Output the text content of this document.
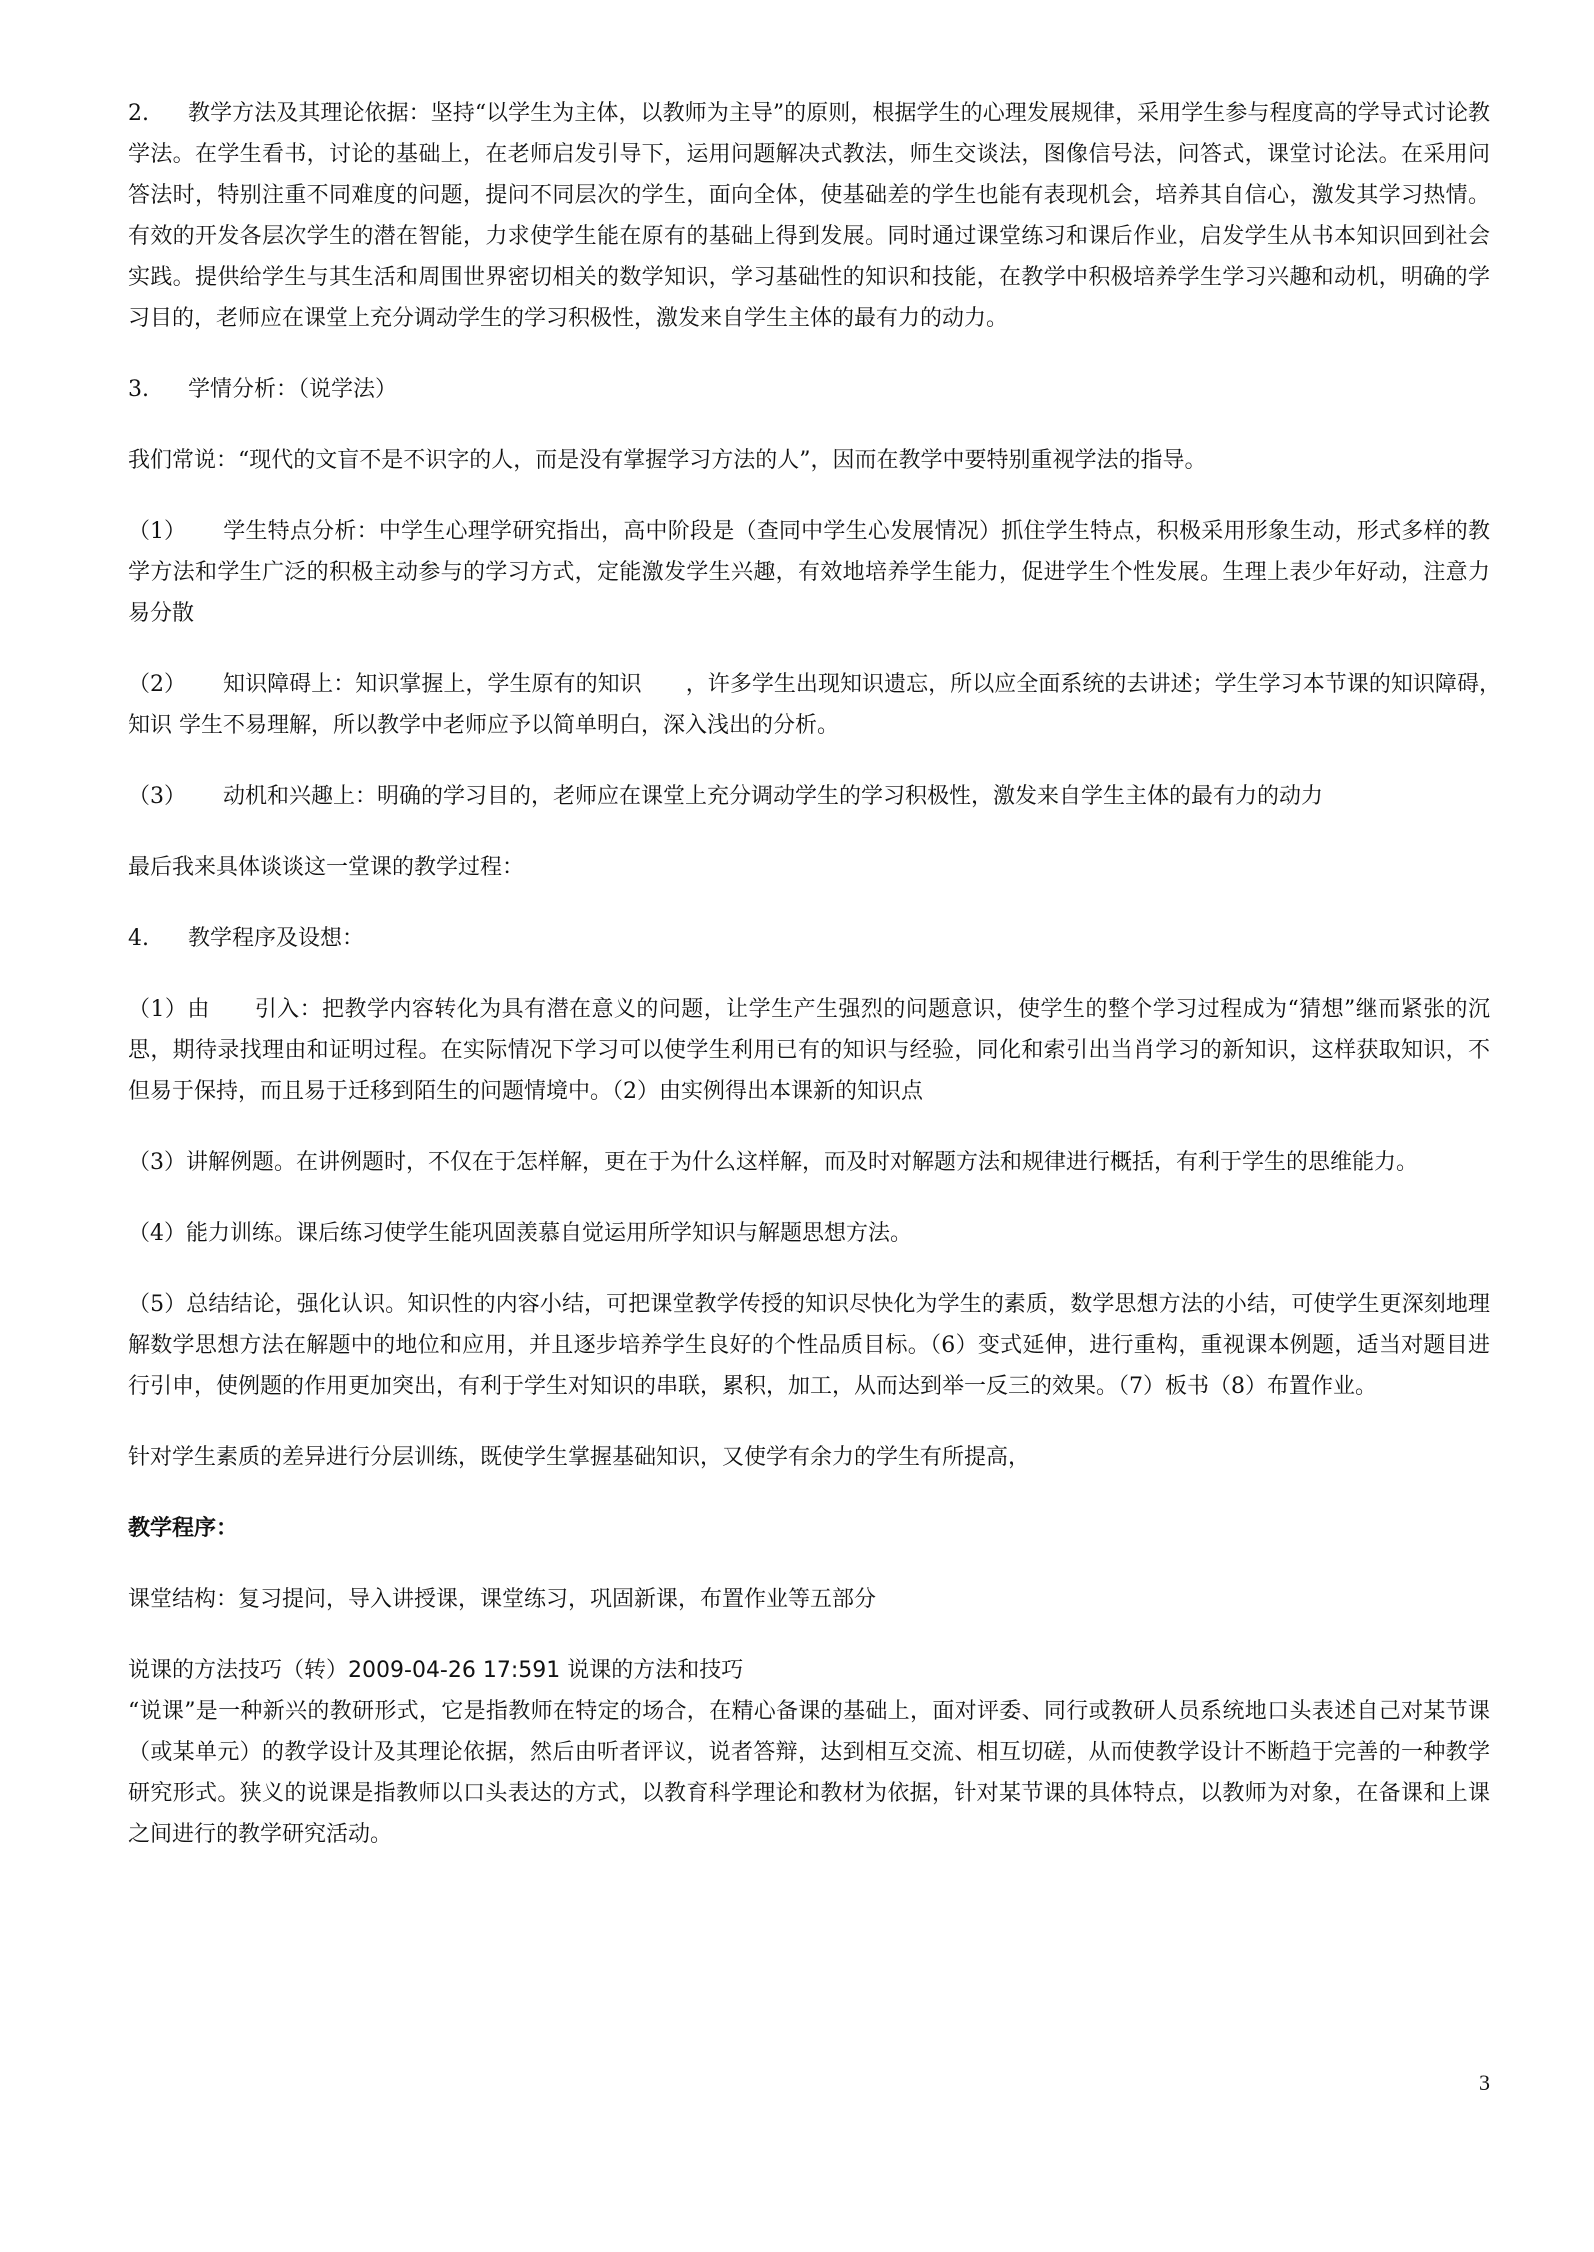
2. 教学方法及其理论依据：坚持“以学生为主体，以教师为主导”的原则，根据学生的心理发展规律，采用学生参与程度高的学导式讨论教学法。在学生看书，讨论的基础上，在老师启发引导下，运用问题解决式教法，师生交谈法，图像信号法，问答式，课堂讨论法。在采用问答法时，特别注重不同难度的问题，提问不同层次的学生，面向全体，使基础差的学生也能有表现机会，培养其自信心，激发其学习热情。有效的开发各层次学生的潜在智能，力求使学生能在原有的基础上得到发展。同时通过课堂练习和课后作业，启发学生从书本知识回到社会实践。提供给学生与其生活和周围世界密切相关的数学知识，学习基础性的知识和技能，在教学中积极培养学生学习兴趣和动机，明确的学习目的，老师应在课堂上充分调动学生的学习积极性，激发来自学生主体的最有力的动力。

3. 学情分析：（说学法）

我们常说：“现代的文盲不是不识字的人，而是没有掌握学习方法的人”，因而在教学中要特别重视学法的指导。

（1） 学生特点分析：中学生心理学研究指出，高中阶段是（查同中学生心发展情况）抓住学生特点，积极采用形象生动，形式多样的教学方法和学生广泛的积极主动参与的学习方式，定能激发学生兴趣，有效地培养学生能力，促进学生个性发展。生理上表少年好动，注意力易分散

（2） 知识障碍上：知识掌握上，学生原有的知识　　，许多学生出现知识遗忘，所以应全面系统的去讲述；学生学习本节课的知识障碍，　　　知识 学生不易理解，所以教学中老师应予以简单明白，深入浅出的分析。

（3） 动机和兴趣上：明确的学习目的，老师应在课堂上充分调动学生的学习积极性，激发来自学生主体的最有力的动力

最后我来具体谈谈这一堂课的教学过程：

4. 教学程序及设想：

（1）由　　引入：把教学内容转化为具有潜在意义的问题，让学生产生强烈的问题意识，使学生的整个学习过程成为“猜想”继而紧张的沉思，期待录找理由和证明过程。在实际情况下学习可以使学生利用已有的知识与经验，同化和索引出当肖学习的新知识，这样获取知识，不但易于保持，而且易于迁移到陌生的问题情境中。（2）由实例得出本课新的知识点

（3）讲解例题。在讲例题时，不仅在于怎样解，更在于为什么这样解，而及时对解题方法和规律进行概括，有利于学生的思维能力。

（4）能力训练。课后练习使学生能巩固羡慕自觉运用所学知识与解题思想方法。

（5）总结结论，强化认识。知识性的内容小结，可把课堂教学传授的知识尽快化为学生的素质，数学思想方法的小结，可使学生更深刻地理解数学思想方法在解题中的地位和应用，并且逐步培养学生良好的个性品质目标。（6）变式延伸，进行重构，重视课本例题，适当对题目进行引申，使例题的作用更加突出，有利于学生对知识的串联，累积，加工，从而达到举一反三的效果。（7）板书（8）布置作业。

针对学生素质的差异进行分层训练，既使学生掌握基础知识，又使学有余力的学生有所提高，

教学程序：

课堂结构：复习提问，导入讲授课，课堂练习，巩固新课，布置作业等五部分

说课的方法技巧（转）2009-04-26 17:591 说课的方法和技巧

“说课”是一种新兴的教研形式，它是指教师在特定的场合，在精心备课的基础上，面对评委、同行或教研人员系统地口头表述自己对某节课（或某单元）的教学设计及其理论依据，然后由听者评议，说者答辩，达到相互交流、相互切磋，从而使教学设计不断趋于完善的一种教学研究形式。狭义的说课是指教师以口头表达的方式，以教育科学理论和教材为依据，针对某节课的具体特点，以教师为对象，在备课和上课之间进行的教学研究活动。

3
